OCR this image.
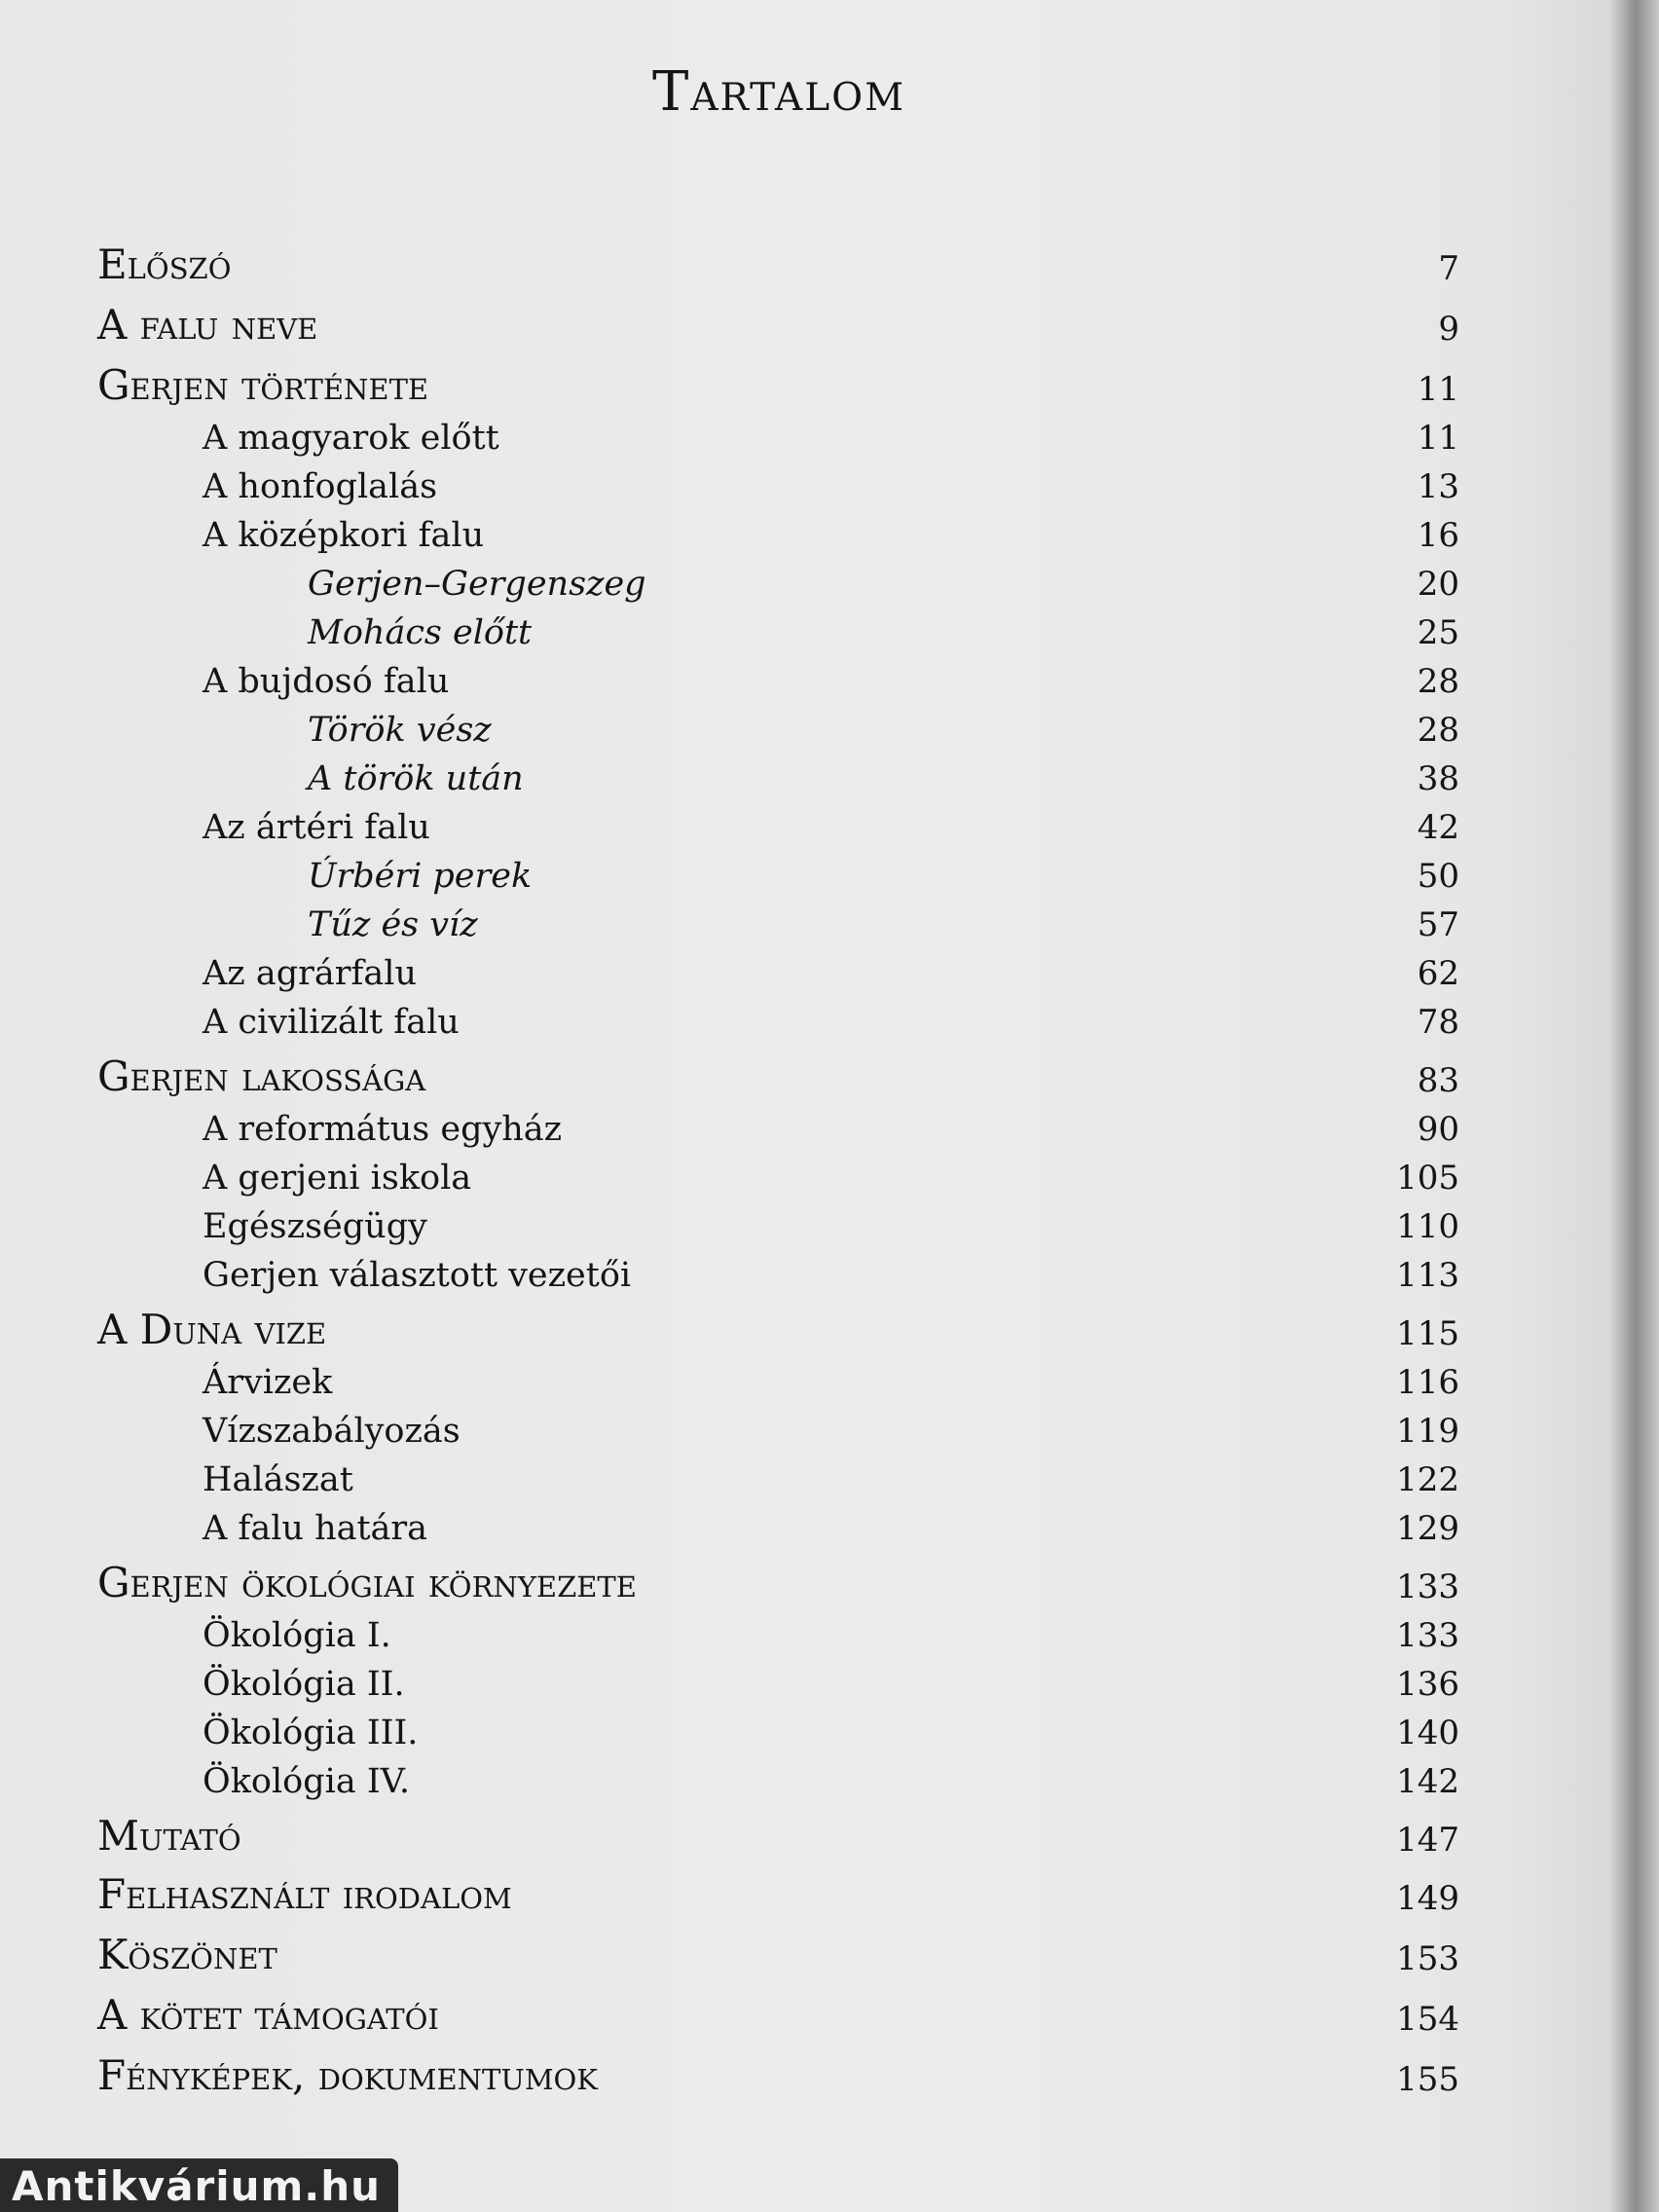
Tartalom
Előszó	7
A falu neve	9
Gerjen története	11
A magyarok előtt	11
A honfoglalás	13
A középkori falu	16
Gerjen–Gergenszeg	20
Mohács előtt	25
A bujdosó falu	28
Török vész	28
A török után	38
Az ártéri falu	42
Úrbéri perek	50
Tűz és víz	57
Az agrárfalu	62
A civilizált falu	78
Gerjen lakossága	83
A református egyház	90
A gerjeni iskola	105
Egészségügy	110
Gerjen választott vezetői	113
A Duna vize	115
Árvizek	116
Vízszabályozás	119
Halászat	122
A falu határa	129
Gerjen ökológiai környezete	133
Ökológia I.	133
Ökológia II.	136
Ökológia III.	140
Ökológia IV.	142
Mutató	147
Felhasznált irodalom	149
Köszönet	153
A kötet támogatói	154
Fényképek, dokumentumok	155
Antikvárium.hu
